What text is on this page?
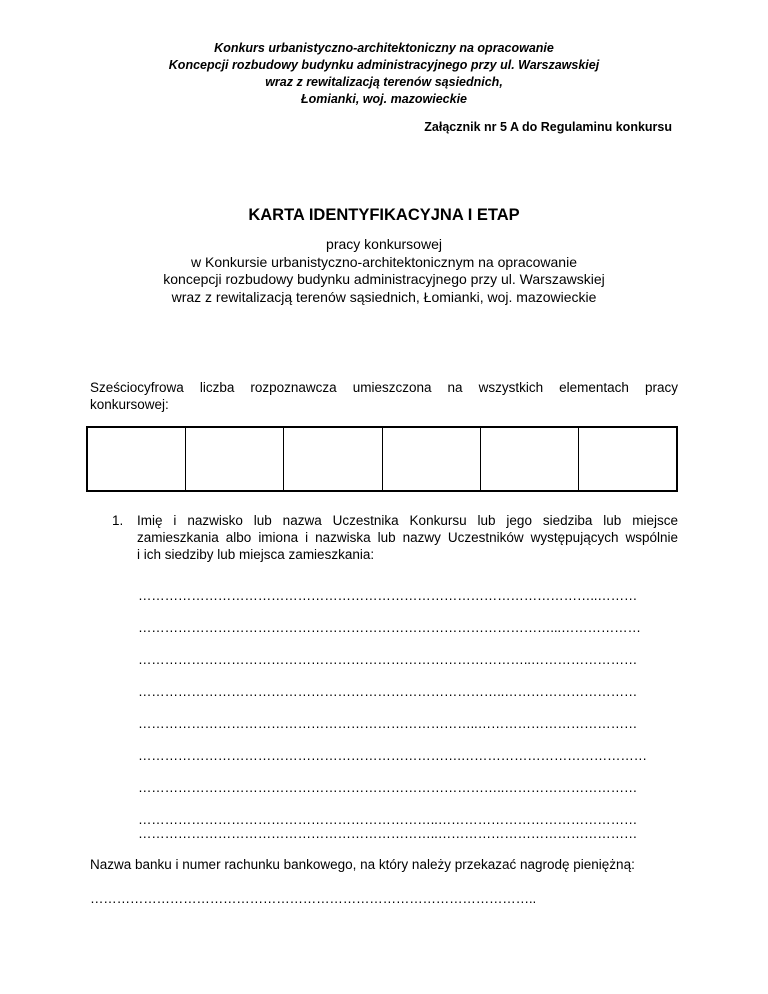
Konkurs urbanistyczno-architektoniczny na opracowanie
Koncepcji rozbudowy budynku administracyjnego przy ul. Warszawskiej
wraz z rewitalizacją terenów sąsiednich,
Łomianki, woj. mazowieckie
Załącznik nr 5 A do Regulaminu konkursu
KARTA IDENTYFIKACYJNA I ETAP
pracy konkursowej
w Konkursie urbanistyczno-architektonicznym na opracowanie
koncepcji rozbudowy budynku administracyjnego przy ul. Warszawskiej
wraz z rewitalizacją terenów sąsiednich, Łomianki, woj. mazowieckie
Sześciocyfrowa liczba rozpoznawcza umieszczona na wszystkich elementach pracy
konkursowej:
1. Imię i nazwisko lub nazwa Uczestnika Konkursu lub jego siedziba lub miejsce
zamieszkania albo imiona i nazwiska lub nazwy Uczestników występujących wspólnie
i ich siedziby lub miejsca zamieszkania:
…………………………………………………………………………………………..………
…………………………………………………………………………………...………………
……………………………………………………………………………..……………………
………………………………………………………………………..…………………………
…………………………………………………………………..………………………………
……………………………………………………………….……………………………………
………………………………………………………………………..…………………………
…………………………………………………………..………………………………………
…………………………………………………………..………………………………………
Nazwa banku i numer rachunku bankowego, na który należy przekazać nagrodę pieniężną:
………………………………………………………………………………………..
